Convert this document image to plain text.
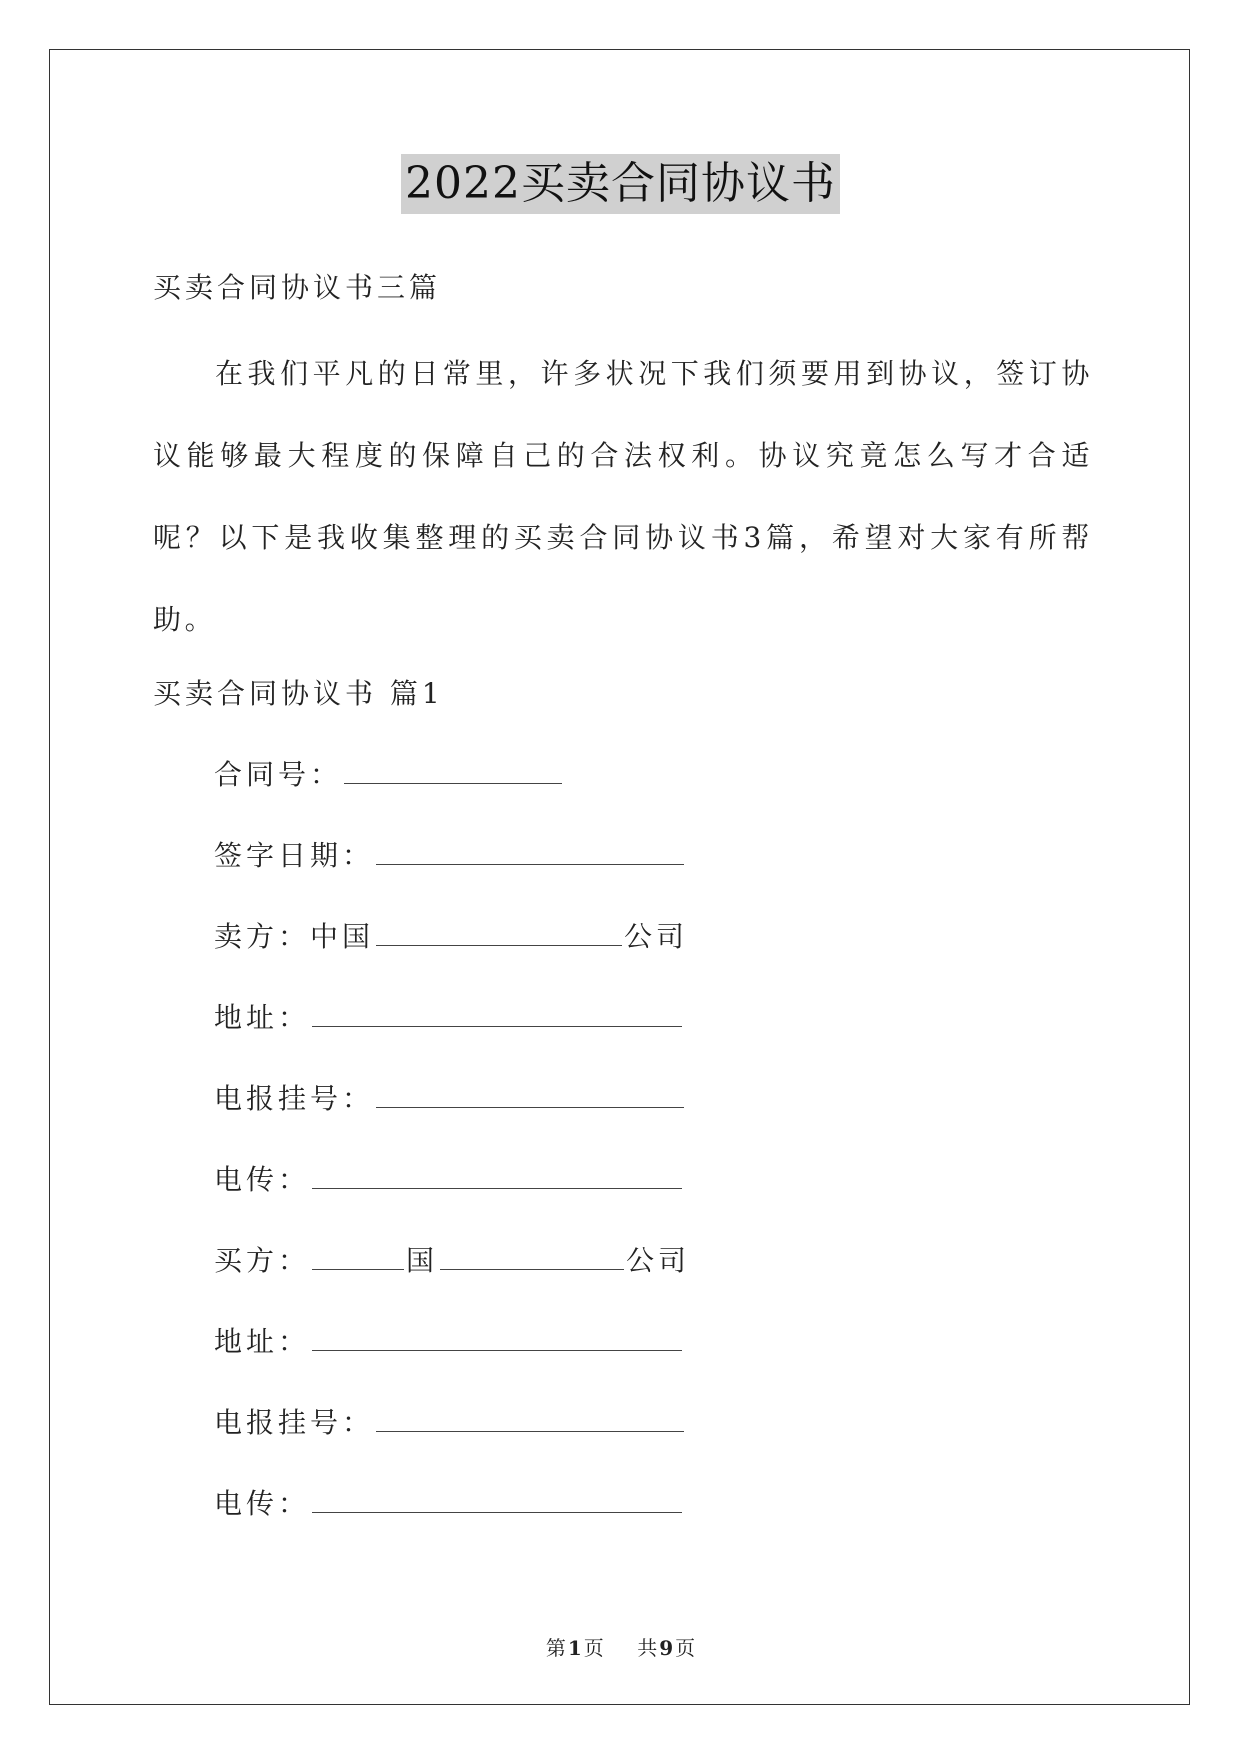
2022买卖合同协议书
买卖合同协议书三篇
在我们平凡的日常里，许多状况下我们须要用到协议，签订协议能够最大程度的保障自己的合法权利。协议究竟怎么写才合适呢？以下是我收集整理的买卖合同协议书3篇，希望对大家有所帮助。
买卖合同协议书 篇1
合同号：
签字日期：
卖方：中国	公司
地址：
电报挂号：
电传：
买方：	国	公司
地址：
电报挂号：
电传：
第 1 页 共 9 页
